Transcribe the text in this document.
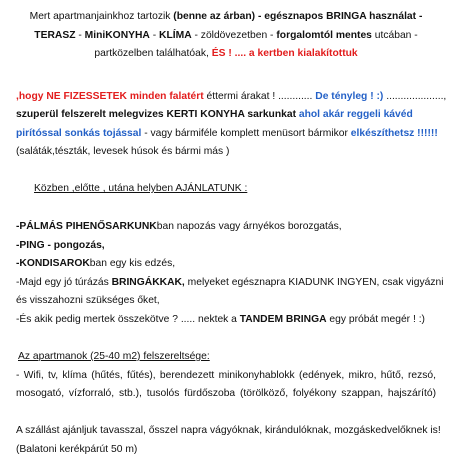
Mert apartmanjainkhoz tartozik (benne az árban) - egésznapos BRINGA használat -
TERASZ - MiniKONYHA - KLÍMA - zöldövezetben - forgalomtól mentes utcában -
partközelben találhatóak, ÉS ! .... a kertben kialakítottuk
,hogy NE FIZESSETEK minden falatért éttermi árakat ! ............ De tényleg ! :) ....................,
szuperül felszerelt melegvizes KERTI KONYHA sarkunkat ahol akár reggeli kávéd
pirítóssal sonkás tojással - vagy bármiféle komplett menüsort bármikor elkészíthetsz !!!!!!
(saláták,tészták, levesek húsok és bármi más )
Közben ,előtte , utána helyben AJÁNLATUNK :
-PÁLMÁS PIHENŐSARKUNKban napozás vagy árnyékos borozgatás,
-PING - pongozás,
-KONDISAROKban egy kis edzés,
-Majd egy jó túrázás BRINGÁKKAK, melyeket egésznapra KIADUNK INGYEN, csak vigyázni
és visszahozni szükséges őket,
-És akik pedig mertek összekötve ? ..... nektek a TANDEM BRINGA egy próbát megér ! :)
Az apartmanok (25-40 m2) felszereltsége:
- Wifi, tv, klíma (hűtés, fűtés), berendezett minikonyhablokk (edények, mikro, hűtő, rezsó,
mosogató, vízforraló, stb.), tusolós fürdőszoba (törölköző, folyékony szappan, hajszárító)
A szállást ajánljuk tavasszal, ősszel napra vágyóknak, kirándulóknak, mozgáskedvelőknek is!
(Balatoni kerékpárút 50 m)
